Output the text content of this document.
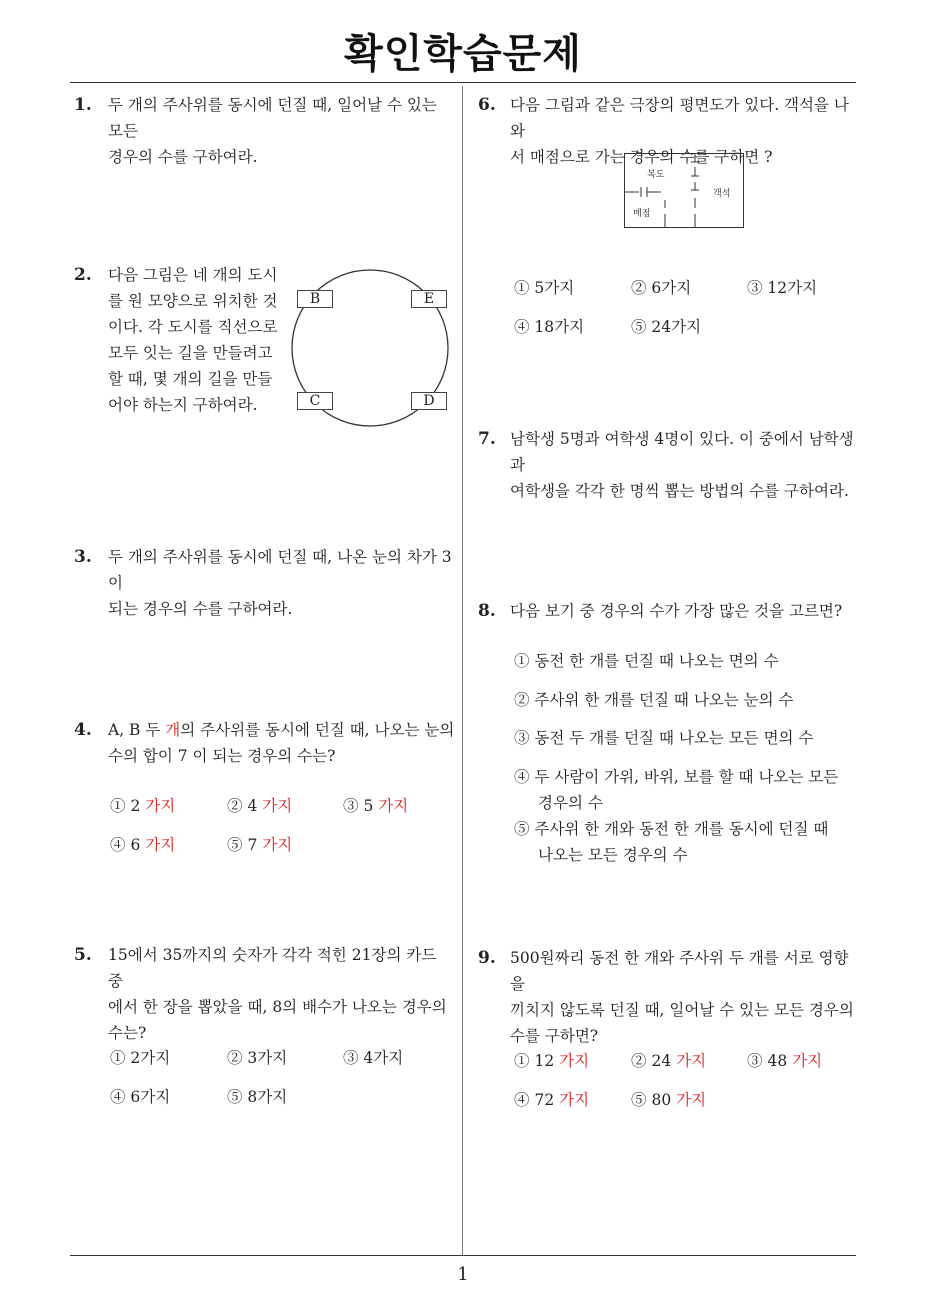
확인학습문제
1
1. 두 개의 주사위를 동시에 던질 때, 일어날 수 있는 모든
경우의 수를 구하여라.
2. 다음 그림은 네 개의 도시
를 원 모양으로 위치한 것
이다. 각 도시를 직선으로
모두 잇는 길을 만들려고
할 때, 몇 개의 길을 만들
어야 하는지 구하여라.
B	E
C	D
3. 두 개의 주사위를 동시에 던질 때, 나온 눈의 차가 3 이
되는 경우의 수를 구하여라.
4. A, B 두 개의 주사위를 동시에 던질 때, 나오는 눈의
수의 합이 7 이 되는 경우의 수는?
① 2 가지	② 4 가지	③ 5 가지
④ 6 가지	⑤ 7 가지
5. 15에서 35까지의 숫자가 각각 적힌 21장의 카드 중
에서 한 장을 뽑았을 때, 8의 배수가 나오는 경우의
수는?
① 2가지	② 3가지	③ 4가지
④ 6가지	⑤ 8가지
6. 다음 그림과 같은 극장의 평면도가 있다. 객석을 나와
서 매점으로 가는 경우의 수를 구하면 ?
복도
객석
매점
① 5가지	② 6가지	③ 12가지
④ 18가지	⑤ 24가지
7. 남학생 5명과 여학생 4명이 있다. 이 중에서 남학생과
여학생을 각각 한 명씩 뽑는 방법의 수를 구하여라.
8. 다음 보기 중 경우의 수가 가장 많은 것을 고르면?
① 동전 한 개를 던질 때 나오는 면의 수
② 주사위 한 개를 던질 때 나오는 눈의 수
③ 동전 두 개를 던질 때 나오는 모든 면의 수
④ 두 사람이 가위, 바위, 보를 할 때 나오는 모든
경우의 수
⑤ 주사위 한 개와 동전 한 개를 동시에 던질 때
나오는 모든 경우의 수
9. 500원짜리 동전 한 개와 주사위 두 개를 서로 영향을
끼치지 않도록 던질 때, 일어날 수 있는 모든 경우의
수를 구하면?
① 12 가지	② 24 가지	③ 48 가지
④ 72 가지	⑤ 80 가지
